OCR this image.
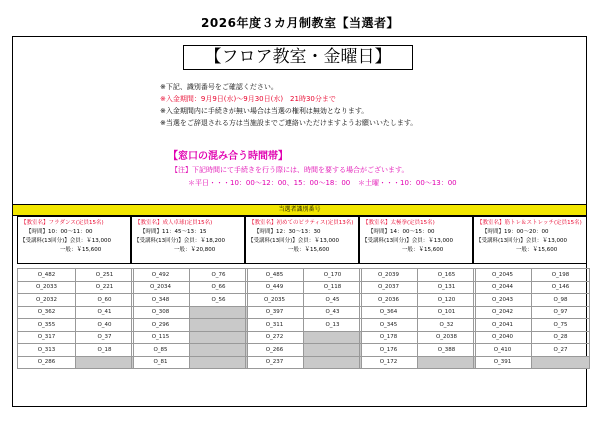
2026年度３カ月制教室【当選者】
【フロア教室・金曜日】
※下記、識別番号をご確認ください。
※入金期間：9月9日(水)～9月30日(水)　21時30分まで
※入金期間内に手続きが無い場合は当選の権利は無効となります。
※当選をご辞退される方は当施設までご連絡いただけますようお願いいたします。
【窓口の混み合う時間帯】
【注】下記時間にて手続きを行う際には、時間を要する場合がございます。
＊平日・・・10：00～12：00、15：00～18：00 ＊土曜・・・10：00～13：00
当選者識別番号
【教室名】フラダンス(定員15名)
【時間】10：00～11：00
【受講料(13回分)】会員：￥13,000
一般：￥15,600
O_482	O_251
O_2033	O_221
O_2032	O_60
O_362	O_41
O_355	O_40
O_317	O_37
O_313	O_18
O_286	
【教室名】成人卓球(定員15名)
【時間】11：45～13：15
【受講料(13回分)】会員：￥18,200
一般：￥20,800
O_492	O_76
O_2034	O_66
O_348	O_56
O_308	
O_296	
O_115	
O_85	
O_81	
【教室名】初めてのピラティス(定員13名)
【時間】12：30～13：30
【受講料(13回分)】会員：￥13,000
一般：￥15,600
O_485	O_170
O_449	O_118
O_2035	O_45
O_397	O_43
O_311	O_13
O_272	
O_266	
O_237	
【教室名】太極拳(定員15名)
【時間】14：00～15：00
【受講料(13回分)】会員：￥13,000
一般：￥15,600
O_2039	O_165
O_2037	O_131
O_2036	O_120
O_364	O_101
O_345	O_32
O_178	O_2038
O_176	O_388
O_172	
【教室名】筋トレ＆ストレッチ(定員15名)
【時間】19：00～20：00
【受講料(13回分)】会員：￥13,000
一般：￥15,600
O_2045	O_198
O_2044	O_146
O_2043	O_98
O_2042	O_97
O_2041	O_75
O_2040	O_28
O_410	O_27
O_391	
